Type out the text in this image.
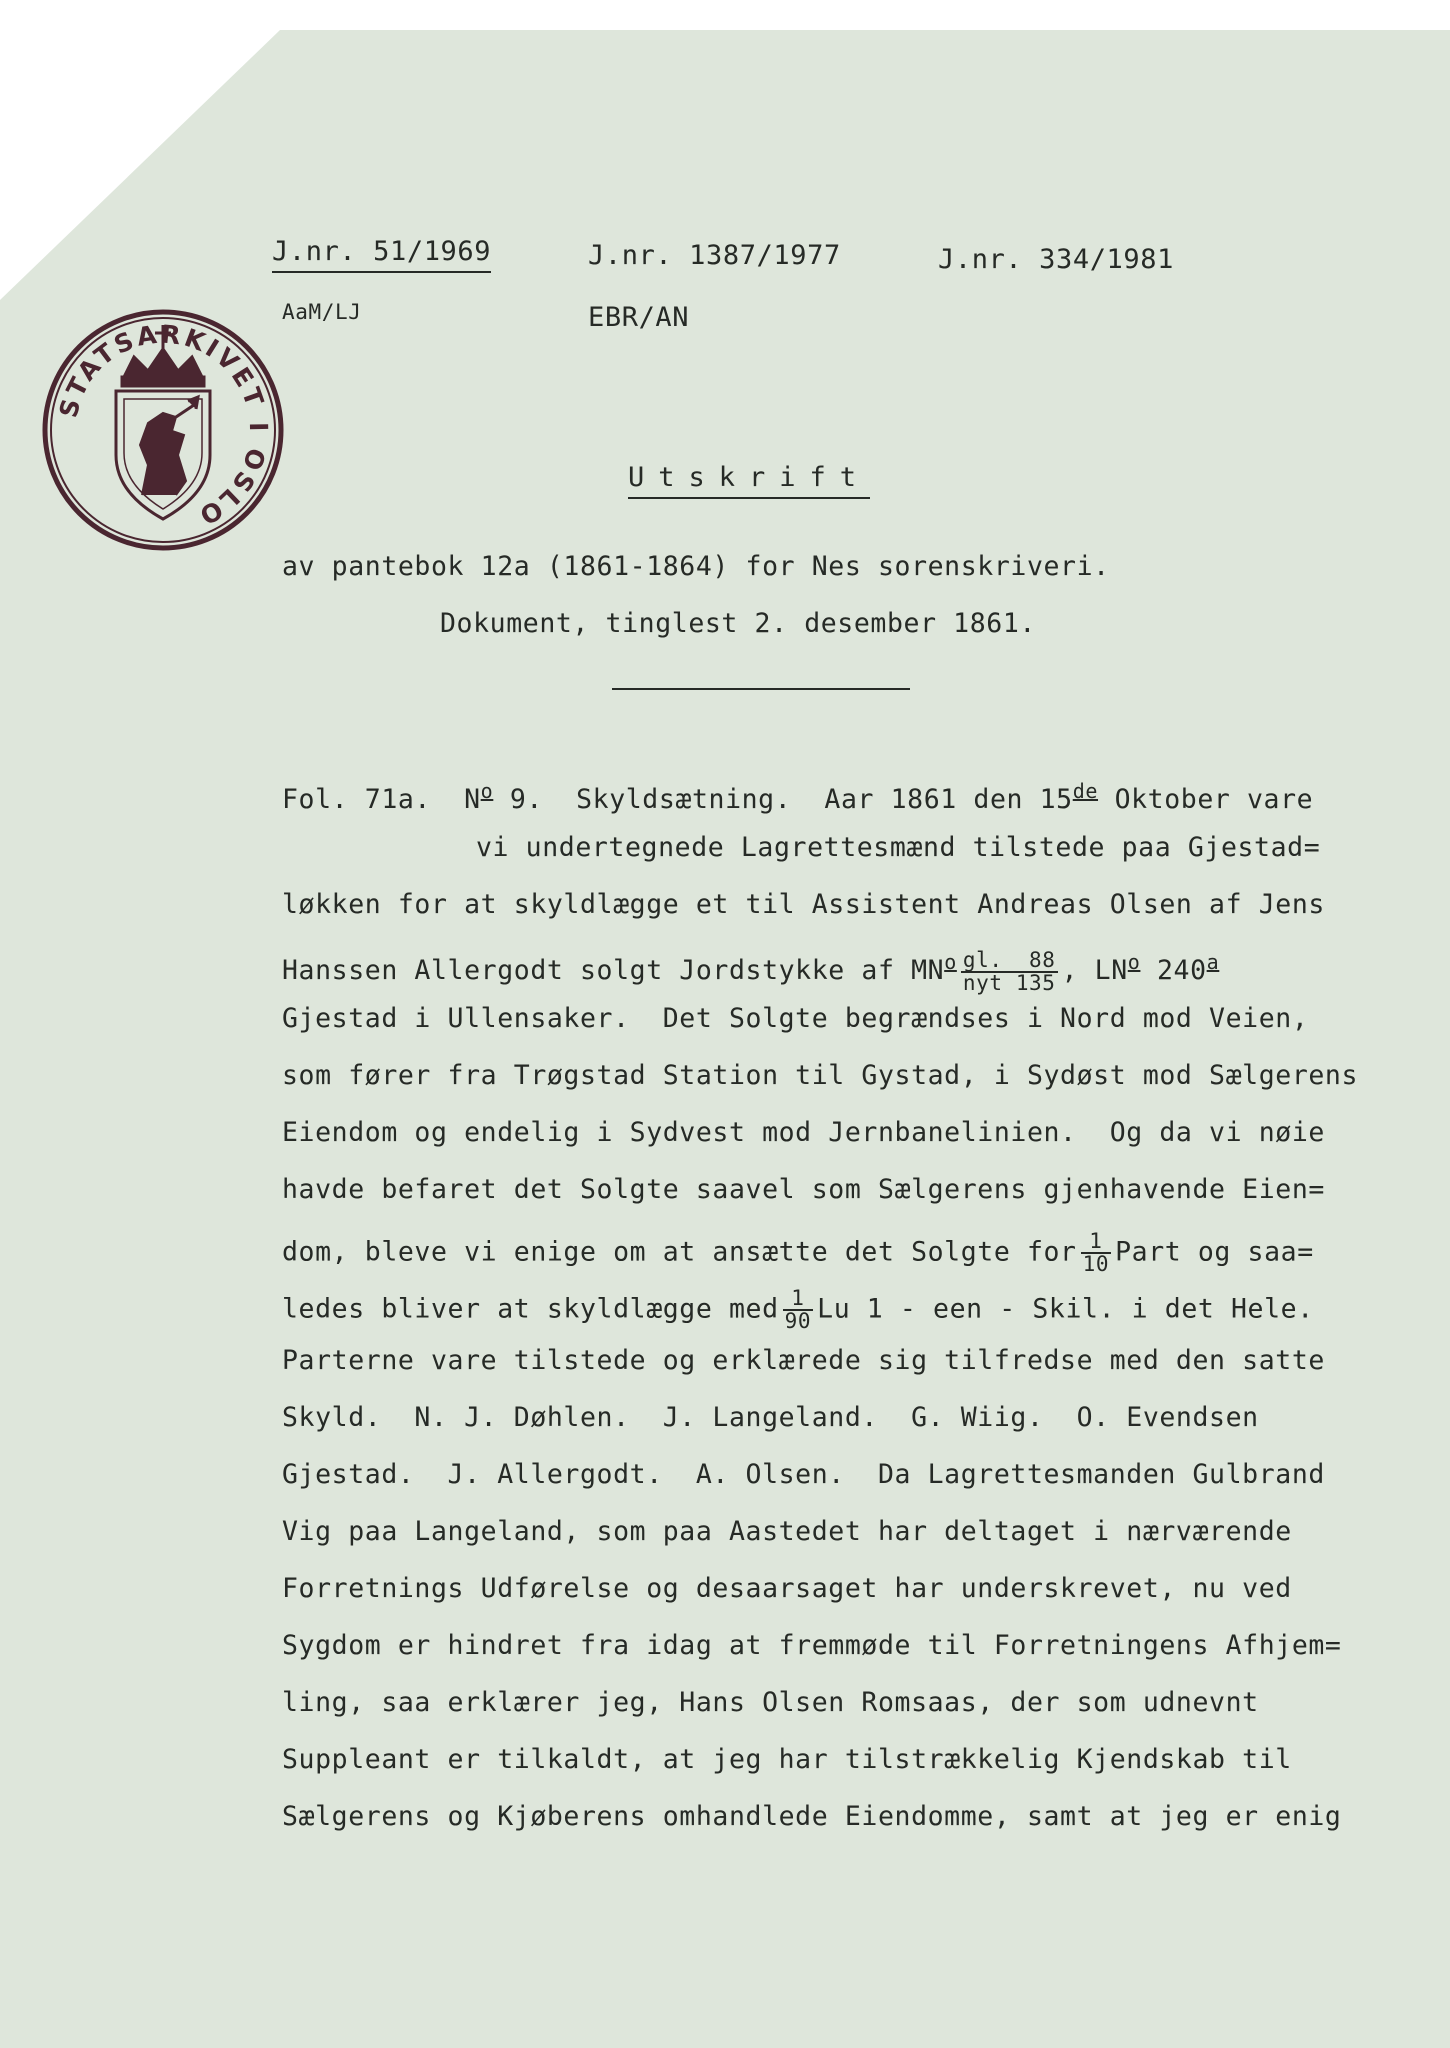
STATSARKIVET I OSLO
J.nr. 51/1969	J.nr. 1387/1977	J.nr. 334/1981
AaM/LJ	EBR/AN
Utskrift
av pantebok 12a (1861-1864) for Nes sorenskriveri.
Dokument, tinglest 2. desember 1861.
Fol. 71a.  $N^o$ 9.  Skyldsætning.  Aar 1861 den 15de Oktober vare
vi undertegnede Lagrettesmænd tilstede paa Gjestad=
løkken for at skyldlægge et til Assistent Andreas Olsen af Jens
Hanssen Allergodt solgt Jordstykke af $MN^o \frac{gl. 88}{\text{nyt 135}}$ , $LN^o$ 240$^a$
Gjestad i Ullensaker.  Det Solgte begrændses i Nord mod Veien,
som fører fra Trøgstad Station til Gystad, i Sydøst mod Sælgerens
Eiendom og endelig i Sydvest mod Jernbanelinien.  Og da vi nøie
havde befaret det Solgte saavel som Sælgerens gjenhavende Eien=
dom, bleve vi enige om at ansætte det Solgte for $\frac{1}{10}$ Part og saa=
ledes bliver at skyldlægge med $\frac{1}{90}$ Lu 1 - een - Skil. i det Hele.
Parterne vare tilstede og erklærede sig tilfredse med den satte
Skyld.  N. J. Døhlen.  J. Langeland.  G. Wiig.  O. Evendsen
Gjestad.  J. Allergodt.  A. Olsen.  Da Lagrettesmanden Gulbrand
Vig paa Langeland, som paa Aastedet har deltaget i nærværende
Forretnings Udførelse og desaarsaget har underskrevet, nu ved
Sygdom er hindret fra idag at fremmøde til Forretningens Afhjem=
ling, saa erklærer jeg, Hans Olsen Romsaas, der som udnevnt
Suppleant er tilkaldt, at jeg har tilstrækkelig Kjendskab til
Sælgerens og Kjøberens omhandlede Eiendomme, samt at jeg er enig
